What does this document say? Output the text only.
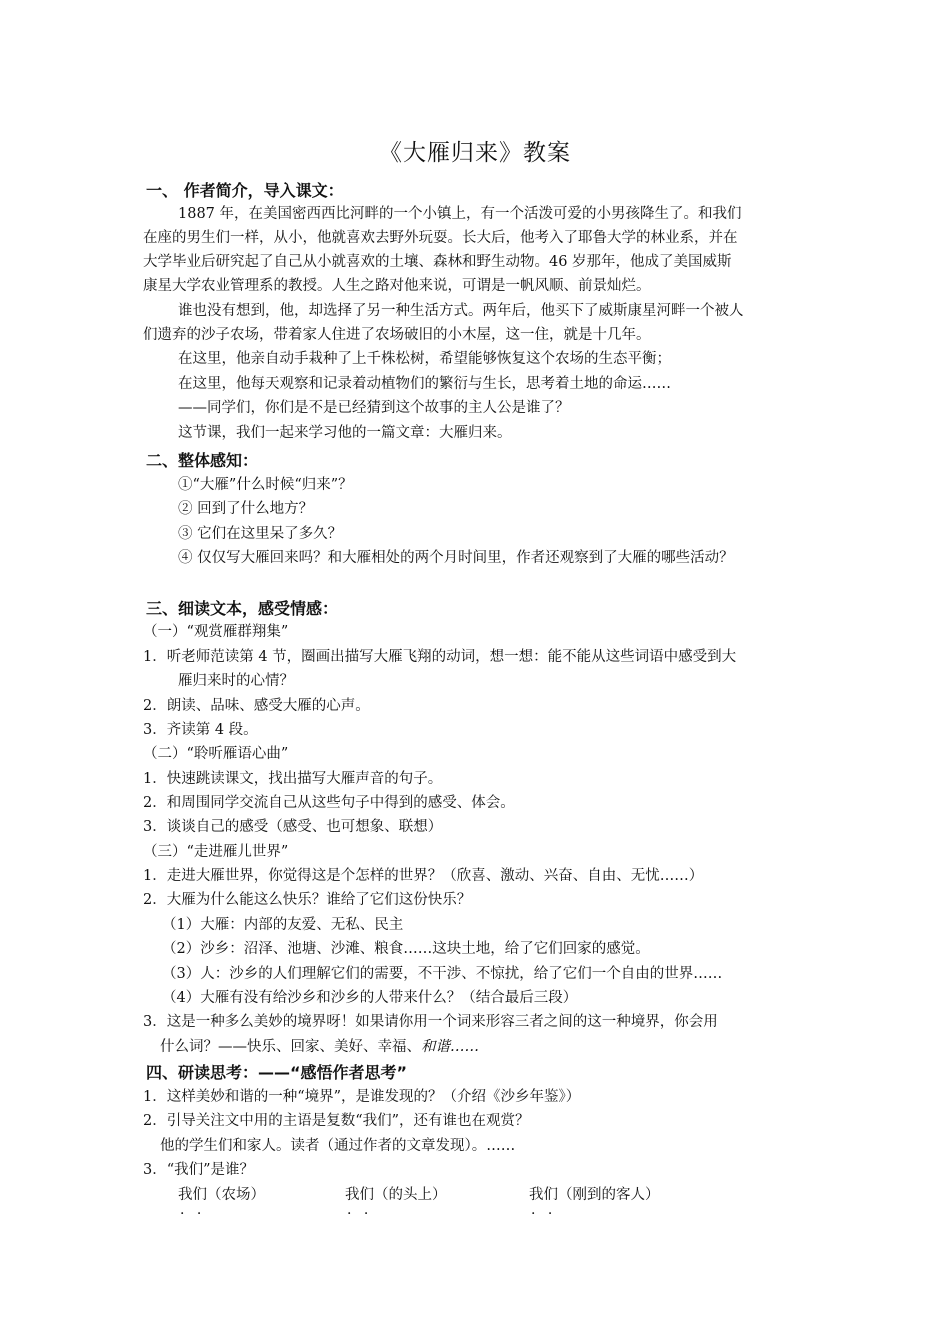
《大雁归来》教案
一、 作者简介，导入课文：
1887 年，在美国密西西比河畔的一个小镇上，有一个活泼可爱的小男孩降生了。和我们
在座的男生们一样，从小，他就喜欢去野外玩耍。长大后，他考入了耶鲁大学的林业系，并在
大学毕业后研究起了自己从小就喜欢的土壤、森林和野生动物。46 岁那年，他成了美国威斯
康星大学农业管理系的教授。人生之路对他来说，可谓是一帆风顺、前景灿烂。
谁也没有想到，他，却选择了另一种生活方式。两年后，他买下了威斯康星河畔一个被人
们遗弃的沙子农场，带着家人住进了农场破旧的小木屋，这一住，就是十几年。
在这里，他亲自动手栽种了上千株松树，希望能够恢复这个农场的生态平衡；
在这里，他每天观察和记录着动植物们的繁衍与生长，思考着土地的命运……
——同学们，你们是不是已经猜到这个故事的主人公是谁了？
这节课，我们一起来学习他的一篇文章：大雁归来。
二、整体感知：
①“大雁”什么时候“归来”？
② 回到了什么地方？
③ 它们在这里呆了多久？
④ 仅仅写大雁回来吗？和大雁相处的两个月时间里，作者还观察到了大雁的哪些活动？
三、细读文本，感受情感：
（一）“观赏雁群翔集”
1．听老师范读第 4 节，圈画出描写大雁飞翔的动词，想一想：能不能从这些词语中感受到大
雁归来时的心情？
2．朗读、品味、感受大雁的心声。
3．齐读第 4 段。
（二）“聆听雁语心曲”
1．快速跳读课文，找出描写大雁声音的句子。
2．和周围同学交流自己从这些句子中得到的感受、体会。
3．谈谈自己的感受（感受、也可想象、联想）
（三）“走进雁儿世界”
1．走进大雁世界，你觉得这是个怎样的世界？（欣喜、激动、兴奋、自由、无忧……）
2．大雁为什么能这么快乐？谁给了它们这份快乐？
（1）大雁：内部的友爱、无私、民主
（2）沙乡：沼泽、池塘、沙滩、粮食……这块土地，给了它们回家的感觉。
（3）人：沙乡的人们理解它们的需要，不干涉、不惊扰，给了它们一个自由的世界……
（4）大雁有没有给沙乡和沙乡的人带来什么？（结合最后三段）
3．这是一种多么美妙的境界呀！如果请你用一个词来形容三者之间的这一种境界，你会用
什么词？——快乐、回家、美好、幸福、和谐……
四、研读思考：——“感悟作者思考”
1．这样美妙和谐的一种“境界”，是谁发现的？（介绍《沙乡年鉴》）
2．引导关注文中用的主语是复数“我们”，还有谁也在观赏？
他的学生们和家人。读者（通过作者的文章发现）。……
3．“我们”是谁？
我们 · ·（农场）	我们 · ·（的头上）	我们 · ·（刚到的客人）
